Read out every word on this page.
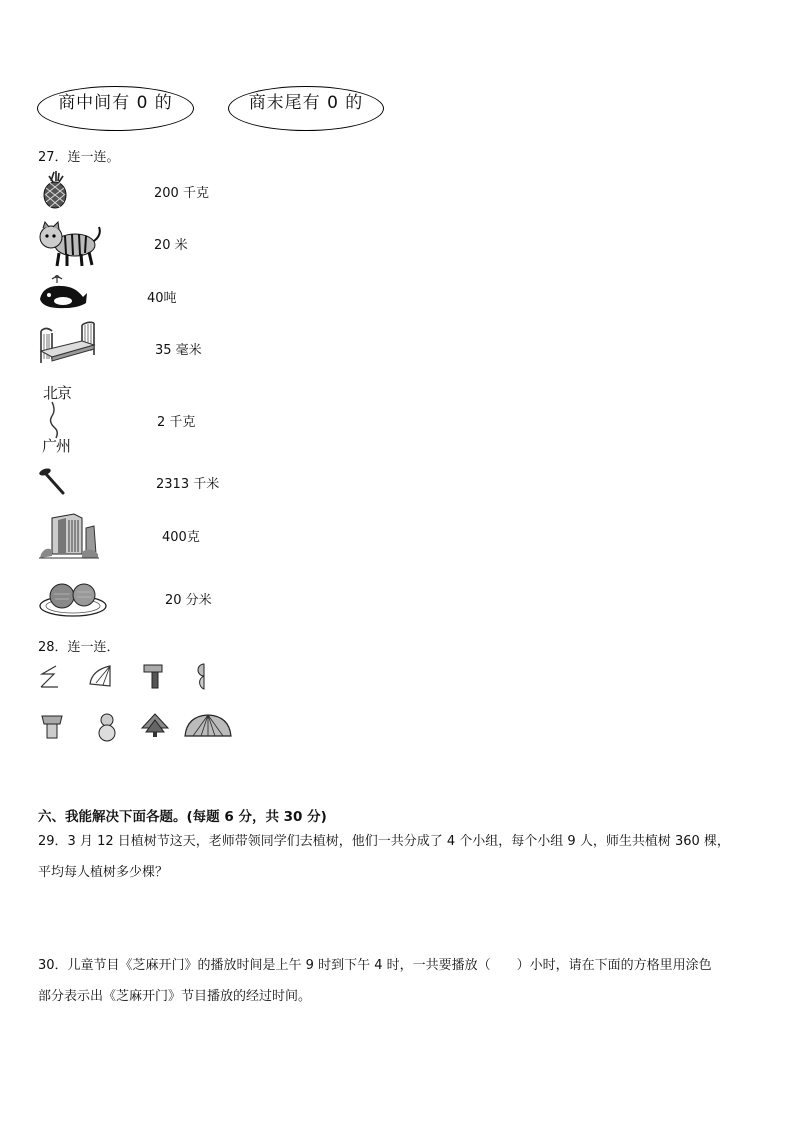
商中间有 0 的	商末尾有 0 的
27．连一连。
200 千克
20 米
40吨
35 毫米
北京
广州
2 千克
2313 千米
400克
20 分米
28．连一连．
六、我能解决下面各题。(每题 6 分，共 30 分)
29．3 月 12 日植树节这天，老师带领同学们去植树，他们一共分成了 4 个小组，每个小组 9 人，师生共植树 360 棵，
平均每人植树多少棵？
30．儿童节目《芝麻开门》的播放时间是上午 9 时到下午 4 时，一共要播放（　　）小时，请在下面的方格里用涂色
部分表示出《芝麻开门》节目播放的经过时间。
